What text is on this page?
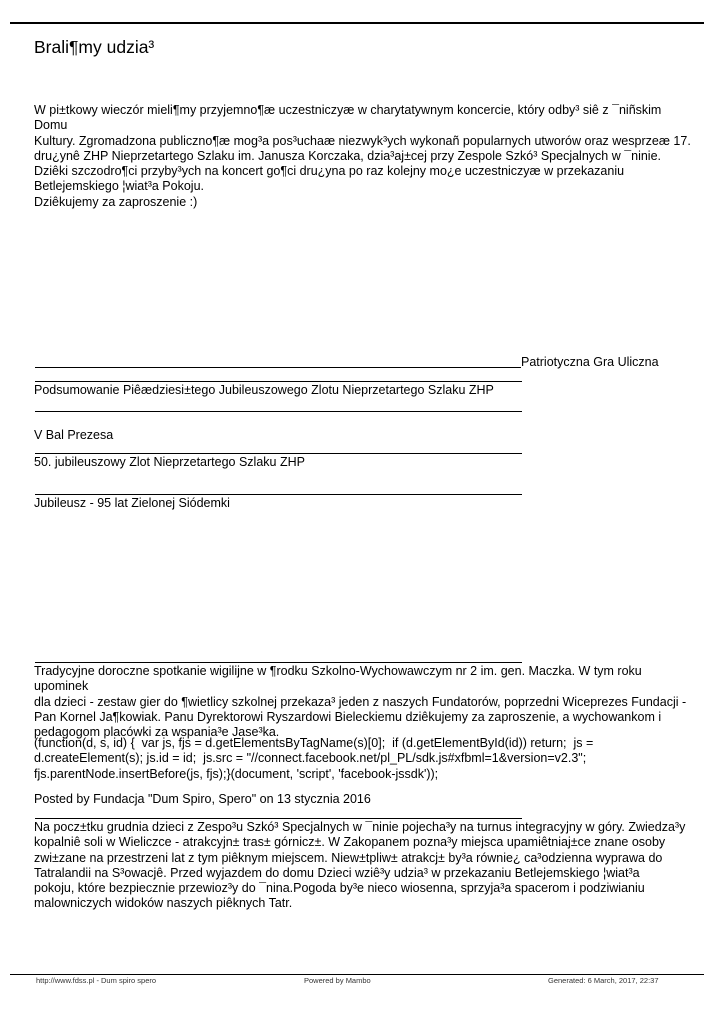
Brali¶my udzia³
W pi±tkowy wieczór mieli¶my przyjemno¶æ uczestniczyæ w charytatywnym koncercie, który odby³ siê z ¯niñskim Domu
Kultury. Zgromadzona publiczno¶æ mog³a pos³uchaæ niezwyk³ych wykonañ popularnych utworów oraz wesprzeæ 17.
dru¿ynê ZHP Nieprzetartego Szlaku im. Janusza Korczaka, dzia³aj±cej przy Zespole Szkó³ Specjalnych w ¯ninie.
Dziêki szczodro¶ci przyby³ych na koncert go¶ci dru¿yna po raz kolejny mo¿e uczestniczyæ w przekazaniu
Betlejemskiego ¦wiat³a Pokoju.
Dziêkujemy za zaproszenie :)
Patriotyczna Gra Uliczna
Podsumowanie Piêædziesi±tego Jubileuszowego Zlotu Nieprzetartego Szlaku ZHP
V Bal Prezesa
50. jubileuszowy Zlot Nieprzetartego Szlaku ZHP
Jubileusz - 95 lat Zielonej Siódemki
Tradycyjne doroczne spotkanie wigilijne w ¶rodku Szkolno-Wychowawczym nr 2 im. gen. Maczka. W tym roku upominek
dla dzieci - zestaw gier do ¶wietlicy szkolnej przekaza³ jeden z naszych Fundatorów, poprzedni Wiceprezes Fundacji -
Pan Kornel Ja¶kowiak. Panu Dyrektorowi Ryszardowi Bieleckiemu dziêkujemy za zaproszenie, a wychowankom i
pedagogom placówki za wspania³e Jase³ka.
(function(d, s, id) {  var js, fjs = d.getElementsByTagName(s)[0];  if (d.getElementById(id)) return;  js =
d.createElement(s); js.id = id;  js.src = "//connect.facebook.net/pl_PL/sdk.js#xfbml=1&version=v2.3";
fjs.parentNode.insertBefore(js, fjs);}(document, 'script', 'facebook-jssdk'));
Posted by Fundacja "Dum Spiro, Spero" on 13 stycznia 2016
Na pocz±tku grudnia dzieci z Zespo³u Szkó³ Specjalnych w ¯ninie pojecha³y na turnus integracyjny w góry. Zwiedza³y
kopalniê soli w Wieliczce - atrakcyjn± tras± górnicz±. W Zakopanem pozna³y miejsca upamiêtniaj±ce znane osoby
zwi±zane na przestrzeni lat z tym piêknym miejscem. Niew±tpliw± atrakcj± by³a równie¿ ca³odzienna wyprawa do
Tatralandii na S³owacjê. Przed wyjazdem do domu Dzieci wziê³y udzia³ w przekazaniu Betlejemskiego ¦wiat³a
pokoju, które bezpiecznie przewioz³y do ¯nina.Pogoda by³e nieco wiosenna, sprzyja³a spacerom i podziwianiu
malowniczych widoków naszych piêknych Tatr.
http://www.fdss.pl - Dum spiro spero	Powered by Mambo	Generated: 6 March, 2017, 22:37
